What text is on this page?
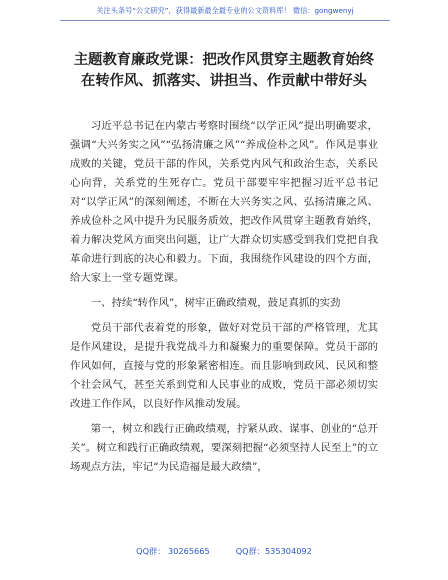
关注头条号“公文研究”，获得最新最全最专业的公文资料库！ 微信：gongwenyj
主题教育廉政党课：把改作风贯穿主题教育始终在转作风、抓落实、讲担当、作贡献中带好头

习近平总书记在内蒙古考察时围绕“以学正风”提出明确要求，强调“大兴务实之风”“弘扬清廉之风”“养成俭朴之风”。作风是事业成败的关键，党员干部的作风，关系党内风气和政治生态，关系民心向背，关系党的生死存亡。党员干部要牢牢把握习近平总书记对“以学正风”的深刻阐述，不断在大兴务实之风、弘扬清廉之风、养成俭朴之风中提升为民服务质效，把改作风贯穿主题教育始终，着力解决党风方面突出问题，让广大群众切实感受到我们党把自我革命进行到底的决心和毅力。下面，我围绕作风建设的四个方面，给大家上一堂专题党课。

一、持续“转作风”，树牢正确政绩观，鼓足真抓的实劲

党员干部代表着党的形象，做好对党员干部的严格管理，尤其是作风建设，是提升我党战斗力和凝聚力的重要保障。党员干部的作风如何，直接与党的形象紧密相连。而且影响到政风、民风和整个社会风气，甚至关系到党和人民事业的成败，党员干部必须切实改进工作作风，以良好作风推动发展。

第一，树立和践行正确政绩观，拧紧从政、谋事、创业的“总开关”。树立和践行正确政绩观，要深刻把握“必须坚持人民至上”的立场观点方法，牢记“为民造福是最大政绩”，

QQ群： 30265665          QQ群：535304092
